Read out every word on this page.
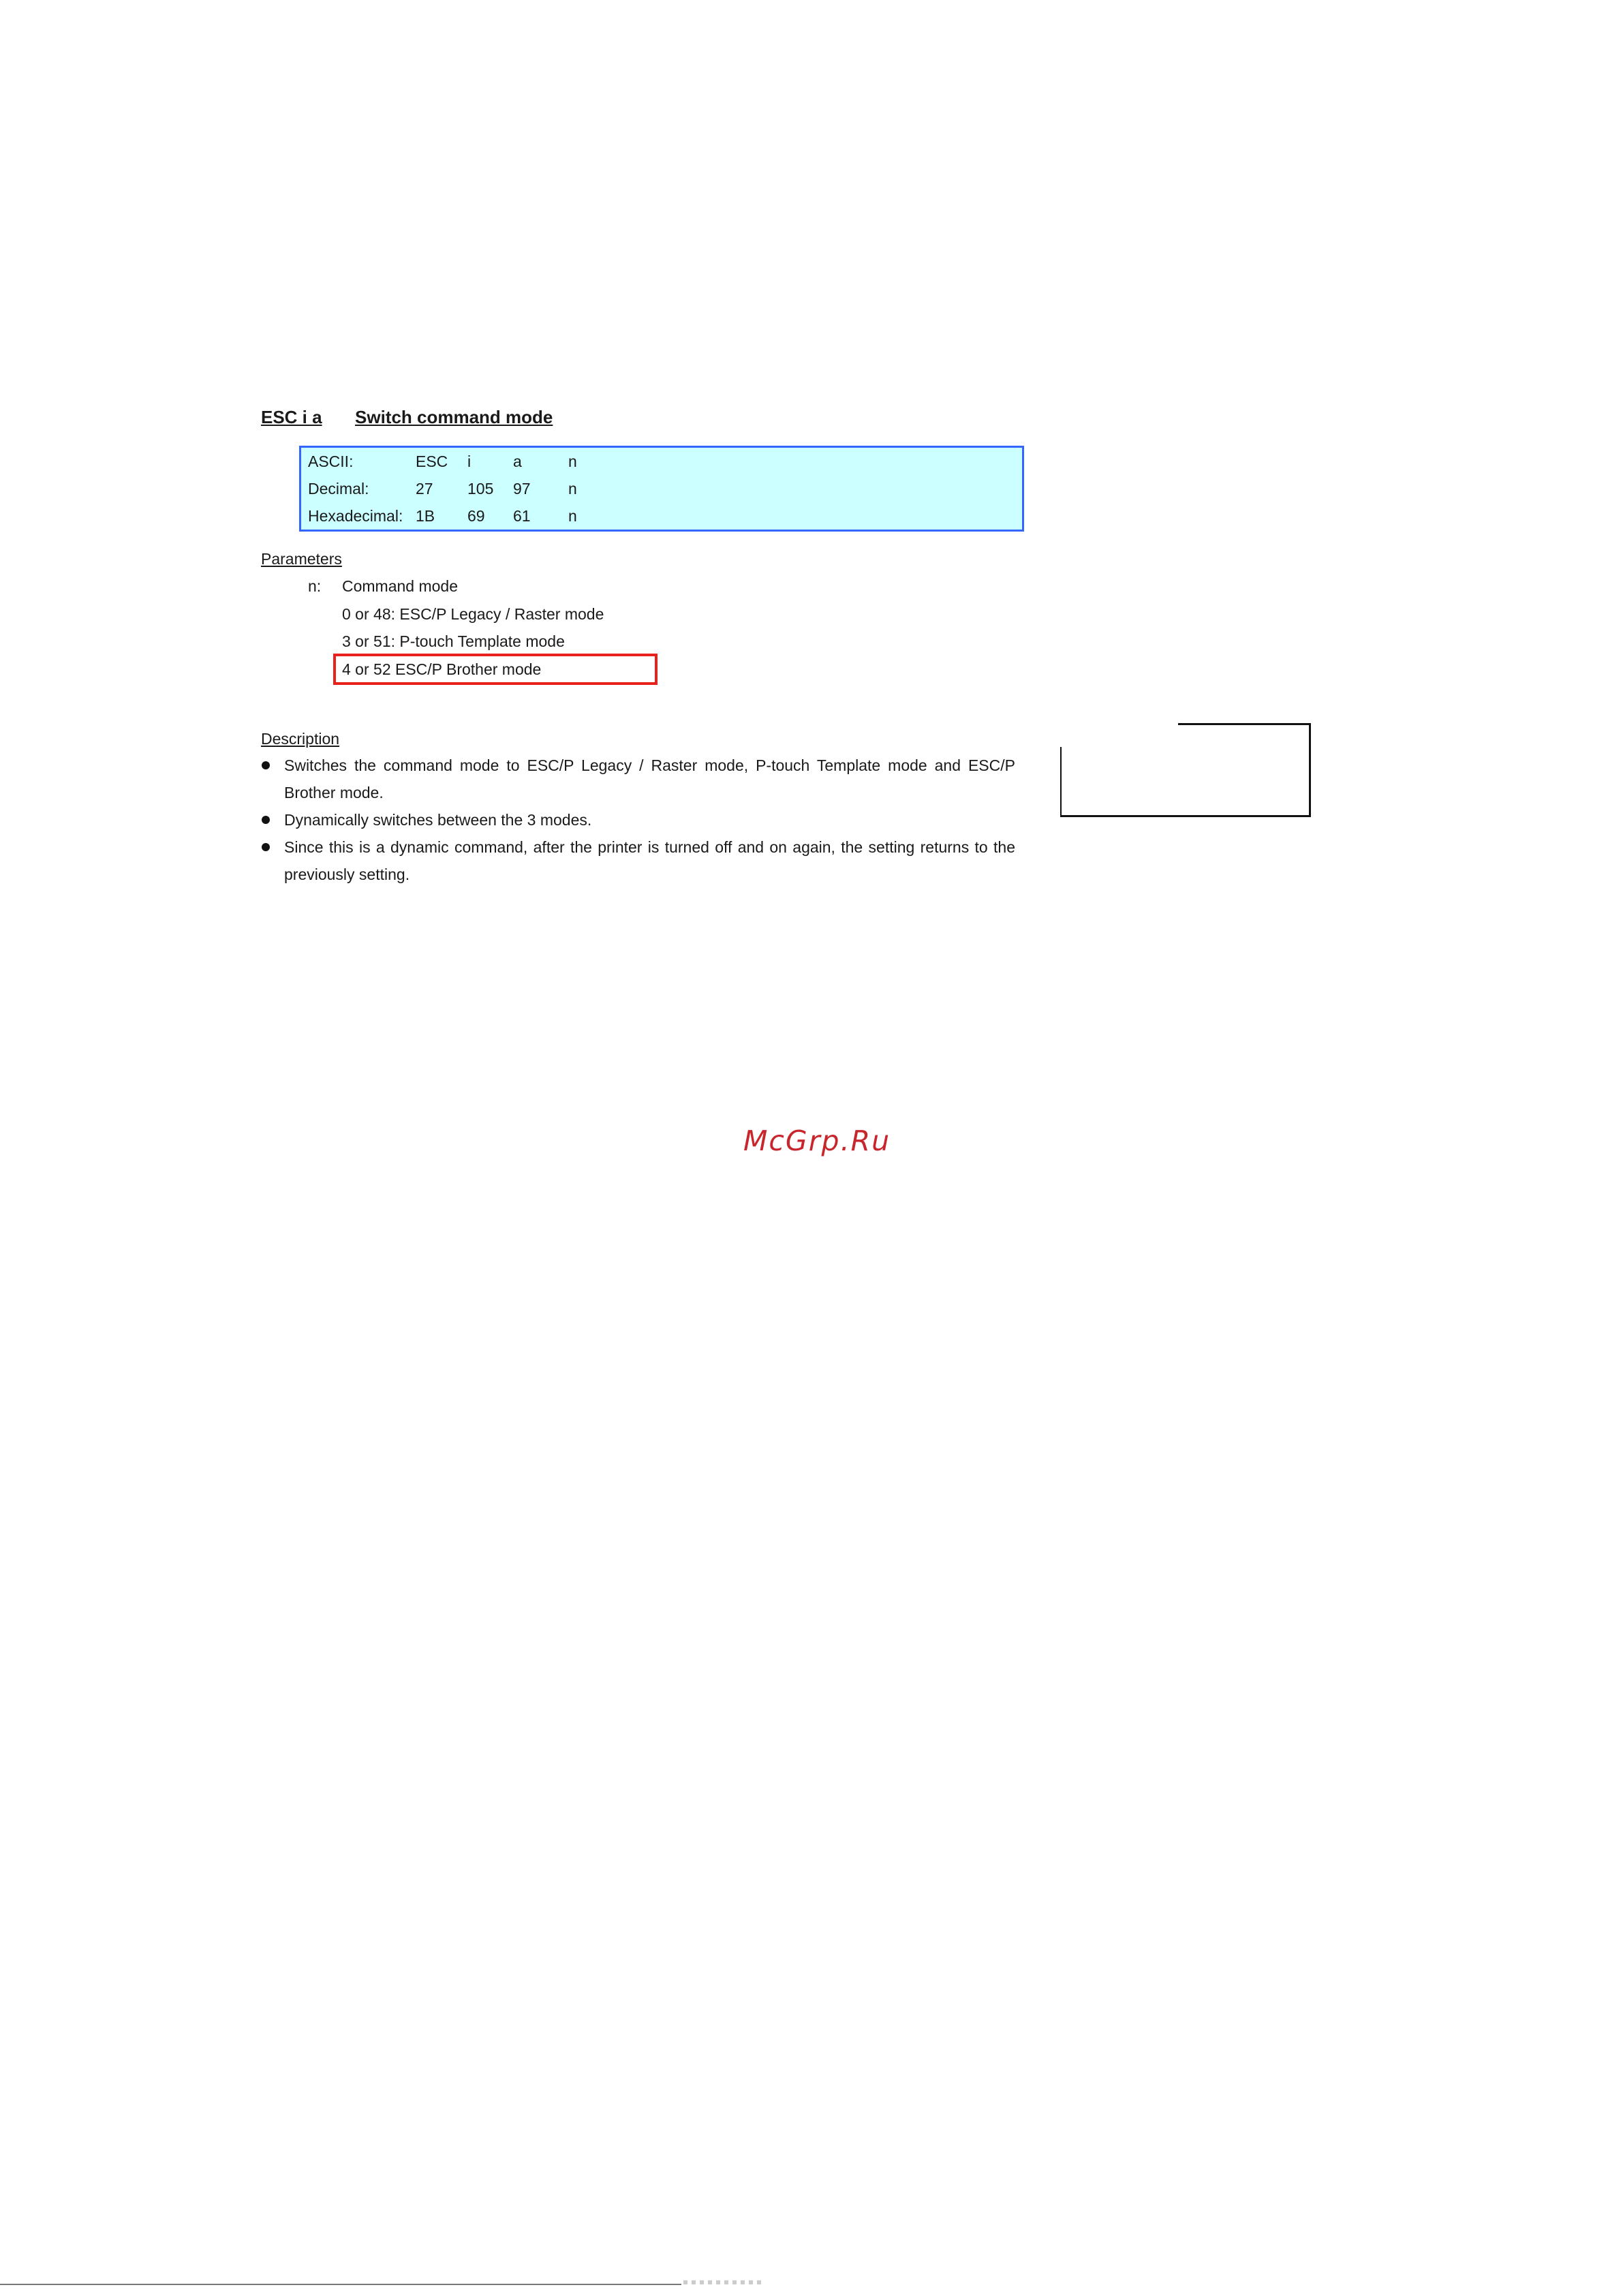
ESC i a Switch command mode
ASCII:	ESC i	a	n
Decimal:	27 105 97 n
Hexadecimal: 1B 69 61 n
Parameters
n: Command mode
0 or 48: ESC/P Legacy / Raster mode
3 or 51: P-touch Template mode
4 or 52 ESC/P Brother mode
Description
Switches the command mode to ESC/P Legacy / Raster mode, P-touch Template mode and ESC/P Brother mode.
Dynamically switches between the 3 modes.
Since this is a dynamic command, after the printer is turned off and on again, the setting returns to the previously setting.
McGrp.Ru
